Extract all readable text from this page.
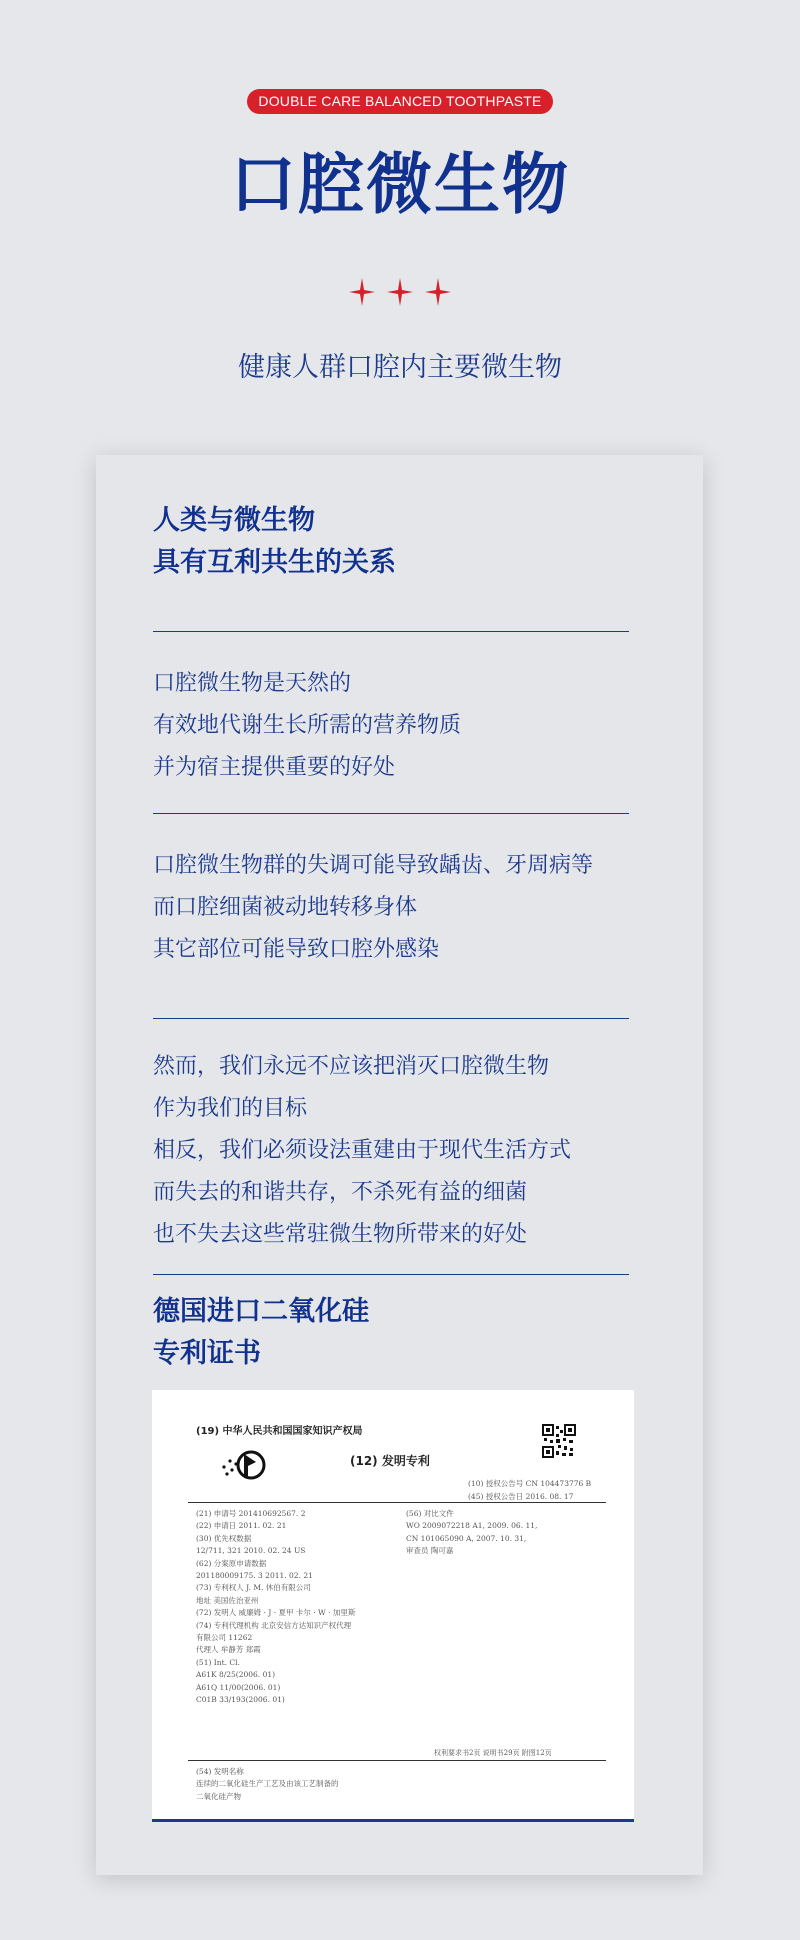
DOUBLE CARE BALANCED TOOTHPASTE
口腔微生物
健康人群口腔内主要微生物
人类与微生物
具有互利共生的关系
口腔微生物是天然的
有效地代谢生长所需的营养物质
并为宿主提供重要的好处
口腔微生物群的失调可能导致龋齿、牙周病等
而口腔细菌被动地转移身体
其它部位可能导致口腔外感染
然而，我们永远不应该把消灭口腔微生物
作为我们的目标
相反，我们必须设法重建由于现代生活方式
而失去的和谐共存，不杀死有益的细菌
也不失去这些常驻微生物所带来的好处
德国进口二氧化硅
专利证书
(19) 中华人民共和国国家知识产权局
(12) 发明专利
(10) 授权公告号 CN 104473776 B
(45) 授权公告日 2016. 08. 17
(21) 申请号 201410692567. 2
(22) 申请日 2011. 02. 21
(30) 优先权数据
12/711, 321 2010. 02. 24 US
(62) 分案原申请数据
201180009175. 3 2011. 02. 21
(73) 专利权人 J. M. 休伯有限公司
地址 美国佐治亚州
(72) 发明人 威廉姆 · J · 夏甲 卡尔 · W · 加里斯
(74) 专利代理机构 北京安信方达知识产权代理
有限公司 11262
代理人 牟静芳 郑霞
(51) Int. Cl.
A61K 8/25(2006. 01)
A61Q 11/00(2006. 01)
C01B 33/193(2006. 01)
(56) 对比文件
WO 2009072218 A1, 2009. 06. 11,
CN 101065090 A, 2007. 10. 31,
审查员 陶可嘉
权利要求书2页 说明书29页 附图12页
(54) 发明名称
连续的二氧化硅生产工艺及由该工艺制备的
二氧化硅产物
